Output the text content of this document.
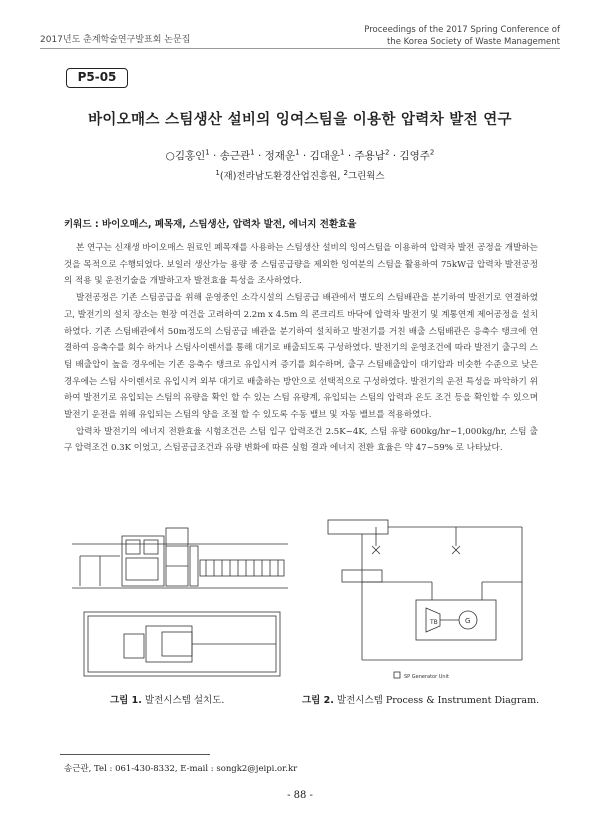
2017년도 춘계학술연구발표회 논문집
Proceedings of the 2017 Spring Conference of
the Korea Society of Waste Management
P5-05
바이오매스 스팀생산 설비의 잉여스팀을 이용한 압력차 발전 연구
○김홍인$^1$ · 송근관$^1$ · 정재운$^1$ · 김대운$^1$ · 주용남$^2$ · 김영주$^2$
$^1$(재)전라남도환경산업진흥원, $^2$그린웍스
키워드 : 바이오매스, 폐목재, 스팀생산, 압력차 발전, 에너지 전환효율

본 연구는 신재생 바이오매스 원료인 폐목재를 사용하는 스팀생산 설비의 잉여스팀을 이용하여 압력차 발전 공정을 개발하는 것을 목적으로 수행되었다. 보일러 생산가능 용량 중 스팀공급량을 제외한 잉여분의 스팀을 활용하여 75kW급 압력차 발전공정의 적용 및 운전기술을 개발하고자 발전효율 특성을 조사하였다.

발전공정은 기존 스팀공급을 위해 운영중인 소각시설의 스팀공급 배관에서 별도의 스팀배관을 분기하여 발전기로 연결하였고, 발전기의 설치 장소는 현장 여건을 고려하여 2.2m x 4.5m 의 콘크리트 바닥에 압력차 발전기 및 계통연계 제어공정을 설치하였다. 기존 스팀배관에서 50m정도의 스팀공급 배관을 분기하여 설치하고 발전기를 거친 배출 스팀배관은 응축수 탱크에 연결하여 응축수를 회수 하거나 스팀사이렌서를 통해 대기로 배출되도록 구성하였다. 발전기의 운영조건에 따라 발전기 출구의 스팀 배출압이 높을 경우에는 기존 응축수 탱크로 유입시켜 증기를 회수하며, 출구 스팀배출압이 대기압과 비슷한 수준으로 낮은 경우에는 스팀 사이렌서로 유입시켜 외부 대기로 배출하는 방안으로 선택적으로 구성하였다. 발전기의 운전 특성을 파악하기 위하여 발전기로 유입되는 스팀의 유량을 확인 할 수 있는 스팀 유량계, 유입되는 스팀의 압력과 온도 조건 등을 확인할 수 있으며 발전기 운전을 위해 유입되는 스팀의 양을 조절 할 수 있도록 수동 밸브 및 자동 밸브를 적용하였다.

압력차 발전기의 에너지 전환효율 시험조건은 스팀 입구 압력조건 2.5K~4K, 스팀 유량 600kg/hr~1,000kg/hr, 스팀 출구 압력조건 0.3K 이었고, 스팀공급조건과 유량 변화에 따른 실험 결과 에너지 전환 효율은 약 47~59% 로 나타났다.

TB	G
SP Generator Unit
그림 1. 발전시스템 설치도.	그림 2. 발전시스템 Process & Instrument Diagram.
송근관, Tel : 061-430-8332, E-mail : songk2@jeipi.or.kr
- 88 -
